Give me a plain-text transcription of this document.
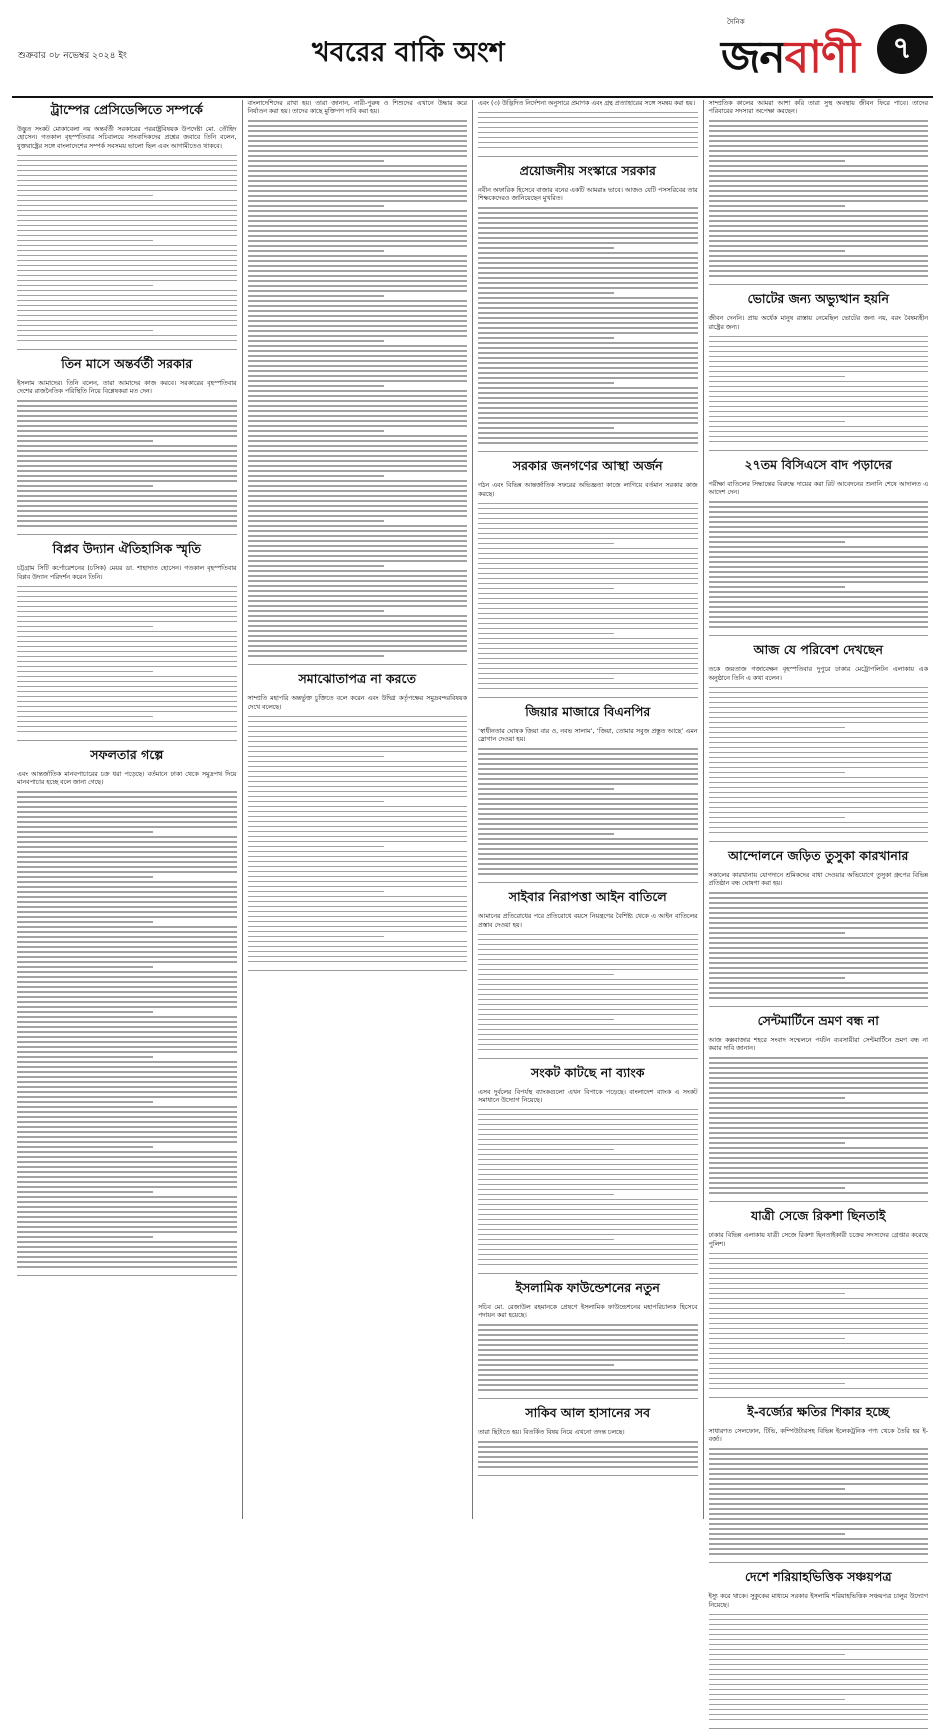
শুক্রবার ০৮ নভেম্বর ২০২৪ ইং	খবরের বাকি অংশ
দৈনিক
জনবাণী	৭
ট্রাম্পের প্রেসিডেন্সিতে সম্পর্কে

উদ্ভুত সংকট মোকাবেলা নয় অন্তর্বর্তী সরকারের পররাষ্ট্রবিষয়ক উপদেষ্টা মো. তৌহিদ হোসেন। গতকাল বৃহস্পতিবার সচিবালয়ে সাংবাদিকদের প্রশ্নের জবাবে তিনি বলেন, যুক্তরাষ্ট্রের সঙ্গে বাংলাদেশের সম্পর্ক সবসময় ভালো ছিল এবং আগামীতেও থাকবে।

তিন মাসে অন্তর্বর্তী সরকার

ইসলাম আমাদের। তিনি বলেন, তারা আমাদের কাজ করবে। সরকারের বৃহস্পতিবার দেশের রাজনৈতিক পরিস্থিতি নিয়ে বিশ্লেষকরা মত দেন।

বিপ্লব উদ্যান ঐতিহাসিক স্মৃতি

চট্টগ্রাম সিটি কর্পোরেশনের (চসিক) মেয়র ডা. শাহাদাত হোসেন। গতকাল বৃহস্পতিবার বিপ্লব উদ্যান পরিদর্শন করেন তিনি।

সফলতার গল্পে

এবং আন্তর্জাতিক মানবপাচারের চক্র ধরা পড়েছে। বর্তমানে ঢাকা থেকে সমুদ্রপথ দিয়ে মানবপাচার হচ্ছে বলে জানা গেছে।

বাংলাদেশিদের রাখা হয়। তারা জানান, নারী-পুরুষ ও শিশুদের এখানে উদ্ধার করে নির্যাতন করা হয়। তাদের কাছে মুক্তিপণ দাবি করা হয়।

সমাঝোতাপত্র না করতে

সাম্প্রতি মহাপরি অন্তর্ভুক্ত চুক্তিতে বলে করেন এবং উদ্বিগ্ন কর্তৃপক্ষের সমুদ্রবন্দরবিষয়ক দেখে বলেছে।

এবং (৩) উদ্ভিদিত নির্দেশনা অনুসারে প্রমাণক এবং গ্রন্থ প্রত্যাহারের সঙ্গে সমন্বয় করা হয়।

প্রয়োজনীয় সংস্কারে সরকার

নবীন অফারিক হিসেবে বাজার বনের একটি আমরাঃ ভাবে। আজও যেটি পসসরিবের তার শিক্ষকেদেরও জানিয়েছেন মুখরিত।

সরকার জনগণের আস্থা অর্জন

গঠন এবং বিভিন্ন আন্তর্জাতিক সফরের অভিজ্ঞতা কাজে লাগিয়ে বর্তমান সরকার কাজ করছে।

জিয়ার মাজারে বিএনপির

‘স্বাধীনতার ঘোষক জিয়া বার ও, নবভ সালাম’, ‘জিয়া, তোমার সবুজ প্রস্তুত আছে’ এমন স্লোগান দেওয়া হয়।

সাইবার নিরাপত্তা আইন বাতিলে

আমানের প্রতিরোধের পরে প্রতিরোধে বয়সে নিয়ন্ত্রণের বৈশিষ্ট্য থেকে এ আইন বাতিলের প্রস্তাব দেওয়া হয়।

সংকট কাটছে না ব্যাংক

এসব দুর্বলের বিপর্যস্থ ব্যাংকগুলো এখন বিপাকে পড়েছে। বাংলাদেশ ব্যাংক এ সংকট সমাধানে উদ্যোগ নিয়েছে।

ইসলামিক ফাউন্ডেশনের নতুন

সচিব মো. রেজাউল রহমানকে প্রেষণে ইসলামিক ফাউন্ডেশনের মহাপরিচালক হিসেবে পদায়ন করা হয়েছে।

সাকিব আল হাসানের সব

তারা ছিটাতে হয়। বিতর্কিত বিষয় নিয়ে এখনো তদন্ত চলছে।

সাম্প্রতিক কালের আমরা আশা করি তারা সুস্থ অবস্থায় জীবন ফিরে পাবে। তাদের পরিবারের সদস্যরা অপেক্ষা করছেন।

ভোটের জন্য অভ্যুত্থান হয়নি

জীবন দেননি। প্রায় অর্ধেক মানুষ রাস্তায় নেমেছিল ভোটের জন্য নয়, বরং বৈষম্যহীন রাষ্ট্রের জন্য।

২৭তম বিসিএসে বাদ পড়াদের

পরীক্ষা বাতিলের সিদ্ধান্তের বিরুদ্ধে দায়ের করা রিট আবেদনের শুনানি শেষে আদালত এ আদেশ দেন।

আজ যে পরিবেশ দেখছেন

তকে জয়তাজ গজাবেক্ষন বৃহস্পতিবার দুপুরে ঢাকার মেট্রোপলিটন এলাকায় এক অনুষ্ঠানে তিনি এ কথা বলেন।

আন্দোলনে জড়িত তুসুকা কারখানার

সকালের কারখানায় যোগদানে শ্রমিকদের বাধা দেওয়ার অভিযোগে তুসুকা গ্রুপের বিভিন্ন প্রতিষ্ঠান বন্ধ ঘোষণা করা হয়।

সেন্টমার্টিনে ভ্রমণ বন্ধ না

আজ কক্সবাজার শহরে সংবাদ সম্মেলনে পর্যটন ব্যবসায়ীরা সেন্টমার্টিনে ভ্রমণ বন্ধ না করার দাবি জানান।

যাত্রী সেজে রিকশা ছিনতাই

ঢাকার বিভিন্ন এলাকায় যাত্রী সেজে রিকশা ছিনতাইকারী চক্রের সদস্যদের গ্রেপ্তার করেছে পুলিশ।

ই-বর্জ্যের ক্ষতির শিকার হচ্ছে

সাধারণত সেলফোন, টিভি, কম্পিউটারসহ বিভিন্ন ইলেকট্রনিক পণ্য থেকে তৈরি হয় ই-বর্জ্য।

দেশে শরিয়াহভিত্তিক সঞ্চয়পত্র

ইস্যু করে থাকে। সুকুকের মাধ্যমে সরকার ইসলামি শরিয়াহভিত্তিক সঞ্চয়পত্র চালুর উদ্যোগ নিয়েছে।
